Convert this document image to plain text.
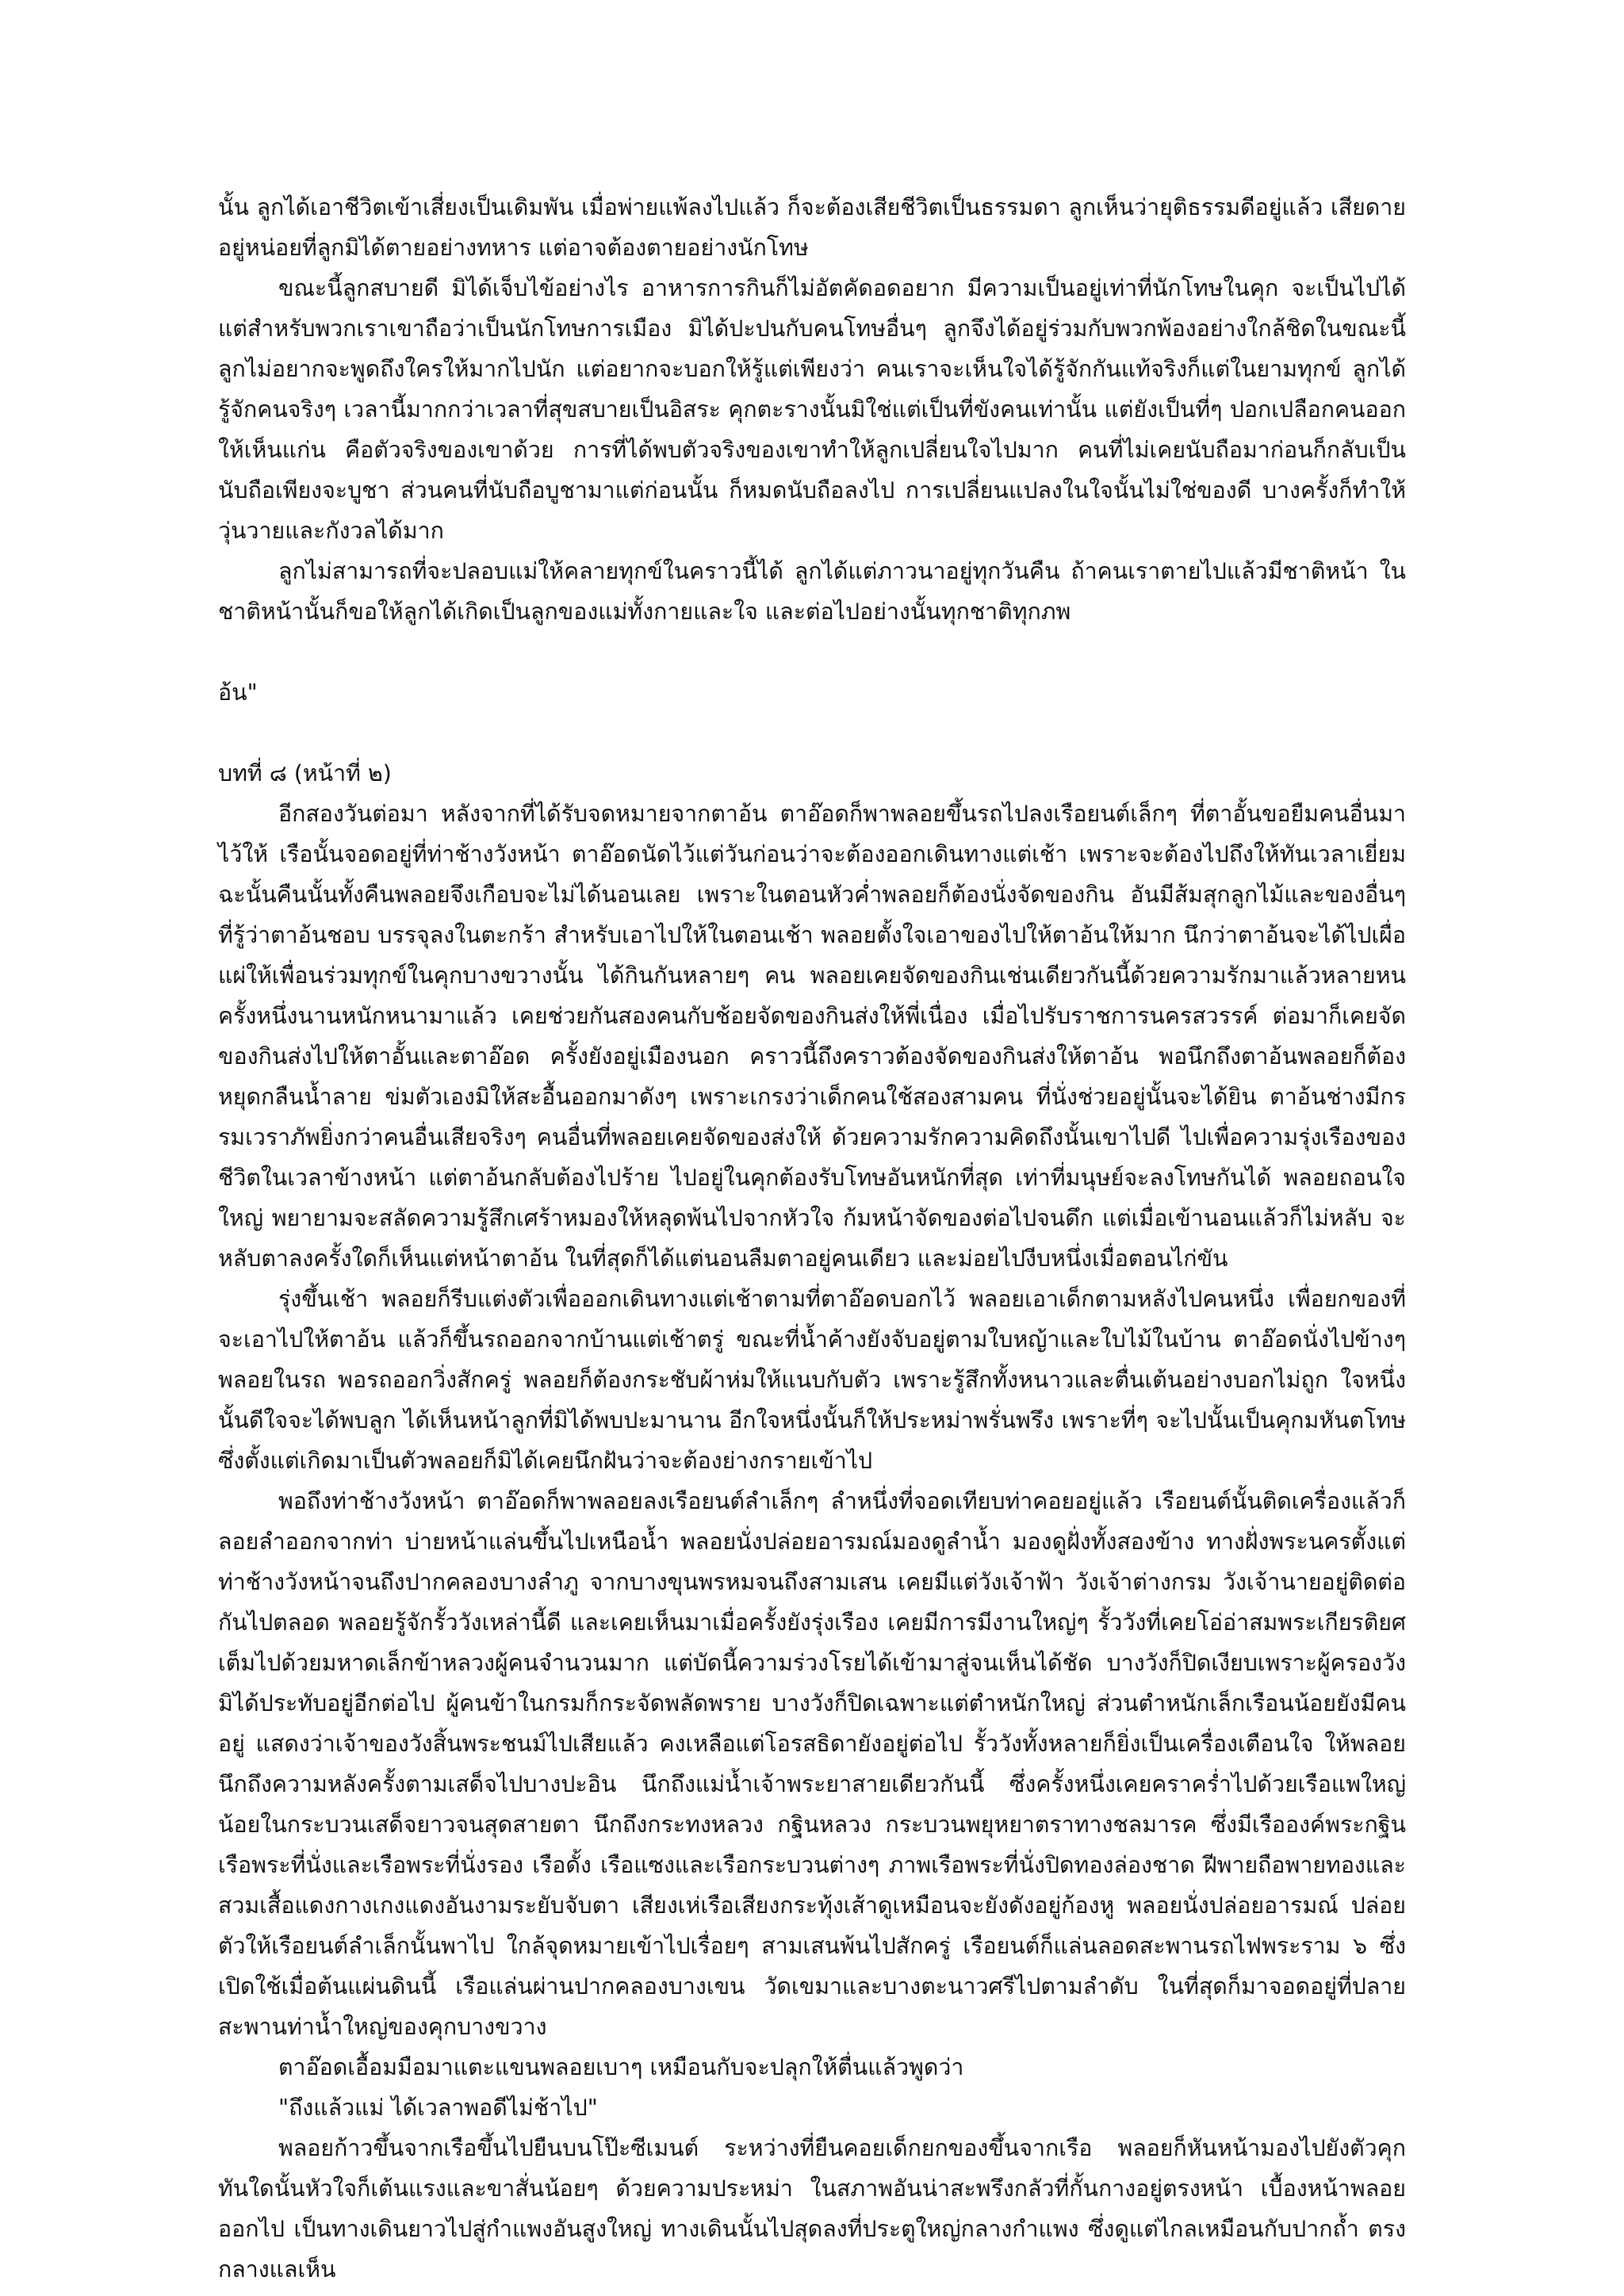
นั้น ลูกได้เอาชีวิตเข้าเสี่ยงเป็นเดิมพัน เมื่อพ่ายแพ้ลงไปแล้ว ก็จะต้องเสียชีวิตเป็นธรรมดา ลูกเห็นว่ายุติธรรมดีอยู่แล้ว เสียดายอยู่หน่อยที่ลูกมิได้ตายอย่างทหาร แต่อาจต้องตายอย่างนักโทษ

ขณะนี้ลูกสบายดี มิได้เจ็บไข้อย่างไร อาหารการกินก็ไม่อัตคัดอดอยาก มีความเป็นอยู่เท่าที่นักโทษในคุก จะเป็นไปได้ แต่สำหรับพวกเราเขาถือว่าเป็นนักโทษการเมือง มิได้ปะปนกับคนโทษอื่นๆ ลูกจึงได้อยู่ร่วมกับพวกพ้องอย่างใกล้ชิดในขณะนี้ ลูกไม่อยากจะพูดถึงใครให้มากไปนัก แต่อยากจะบอกให้รู้แต่เพียงว่า คนเราจะเห็นใจได้รู้จักกันแท้จริงก็แต่ในยามทุกข์ ลูกได้รู้จักคนจริงๆ เวลานี้มากกว่าเวลาที่สุขสบายเป็นอิสระ คุกตะรางนั้นมิใช่แต่เป็นที่ขังคนเท่านั้น แต่ยังเป็นที่ๆ ปอกเปลือกคนออกให้เห็นแก่น คือตัวจริงของเขาด้วย การที่ได้พบตัวจริงของเขาทำให้ลูกเปลี่ยนใจไปมาก คนที่ไม่เคยนับถือมาก่อนก็กลับเป็นนับถือเพียงจะบูชา ส่วนคนที่นับถือบูชามาแต่ก่อนนั้น ก็หมดนับถือลงไป การเปลี่ยนแปลงในใจนั้นไม่ใช่ของดี บางครั้งก็ทำให้วุ่นวายและกังวลได้มาก

ลูกไม่สามารถที่จะปลอบแม่ให้คลายทุกข์ในคราวนี้ได้ ลูกได้แต่ภาวนาอยู่ทุกวันคืน ถ้าคนเราตายไปแล้วมีชาติหน้า ในชาติหน้านั้นก็ขอให้ลูกได้เกิดเป็นลูกของแม่ทั้งกายและใจ และต่อไปอย่างนั้นทุกชาติทุกภพ

อ้น"

บทที่ ๘ (หน้าที่ ๒)

อีกสองวันต่อมา หลังจากที่ได้รับจดหมายจากตาอ้น ตาอ๊อดก็พาพลอยขึ้นรถไปลงเรือยนต์เล็กๆ ที่ตาอั้นขอยืมคนอื่นมาไว้ให้ เรือนั้นจอดอยู่ที่ท่าช้างวังหน้า ตาอ๊อดนัดไว้แต่วันก่อนว่าจะต้องออกเดินทางแต่เช้า เพราะจะต้องไปถึงให้ทันเวลาเยี่ยม ฉะนั้นคืนนั้นทั้งคืนพลอยจึงเกือบจะไม่ได้นอนเลย เพราะในตอนหัวค่ำพลอยก็ต้องนั่งจัดของกิน อันมีส้มสุกลูกไม้และของอื่นๆ ที่รู้ว่าตาอ้นชอบ บรรจุลงในตะกร้า สำหรับเอาไปให้ในตอนเช้า พลอยตั้งใจเอาของไปให้ตาอ้นให้มาก นึกว่าตาอ้นจะได้ไปเผื่อแผ่ให้เพื่อนร่วมทุกข์ในคุกบางขวางนั้น ได้กินกันหลายๆ คน พลอยเคยจัดของกินเช่นเดียวกันนี้ด้วยความรักมาแล้วหลายหน ครั้งหนึ่งนานหนักหนามาแล้ว เคยช่วยกันสองคนกับช้อยจัดของกินส่งให้พี่เนื่อง เมื่อไปรับราชการนครสวรรค์ ต่อมาก็เคยจัดของกินส่งไปให้ตาอั้นและตาอ๊อด ครั้งยังอยู่เมืองนอก คราวนี้ถึงคราวต้องจัดของกินส่งให้ตาอ้น พอนึกถึงตาอ้นพลอยก็ต้องหยุดกลืนน้ำลาย ข่มตัวเองมิให้สะอื้นออกมาดังๆ เพราะเกรงว่าเด็กคนใช้สองสามคน ที่นั่งช่วยอยู่นั้นจะได้ยิน ตาอ้นช่างมีกรรมเวราภัพยิ่งกว่าคนอื่นเสียจริงๆ คนอื่นที่พลอยเคยจัดของส่งให้ ด้วยความรักความคิดถึงนั้นเขาไปดี ไปเพื่อความรุ่งเรืองของชีวิตในเวลาข้างหน้า แต่ตาอ้นกลับต้องไปร้าย ไปอยู่ในคุกต้องรับโทษอันหนักที่สุด เท่าที่มนุษย์จะลงโทษกันได้ พลอยถอนใจใหญ่ พยายามจะสลัดความรู้สึกเศร้าหมองให้หลุดพ้นไปจากหัวใจ ก้มหน้าจัดของต่อไปจนดึก แต่เมื่อเข้านอนแล้วก็ไม่หลับ จะหลับตาลงครั้งใดก็เห็นแต่หน้าตาอ้น ในที่สุดก็ได้แต่นอนลืมตาอยู่คนเดียว และม่อยไปงีบหนึ่งเมื่อตอนไก่ขัน

รุ่งขึ้นเช้า พลอยก็รีบแต่งตัวเพื่อออกเดินทางแต่เช้าตามที่ตาอ๊อดบอกไว้ พลอยเอาเด็กตามหลังไปคนหนึ่ง เพื่อยกของที่จะเอาไปให้ตาอ้น แล้วก็ขึ้นรถออกจากบ้านแต่เช้าตรู่ ขณะที่น้ำค้างยังจับอยู่ตามใบหญ้าและใบไม้ในบ้าน ตาอ๊อดนั่งไปข้างๆ พลอยในรถ พอรถออกวิ่งสักครู่ พลอยก็ต้องกระชับผ้าห่มให้แนบกับตัว เพราะรู้สึกทั้งหนาวและตื่นเต้นอย่างบอกไม่ถูก ใจหนึ่งนั้นดีใจจะได้พบลูก ได้เห็นหน้าลูกที่มิได้พบปะมานาน อีกใจหนึ่งนั้นก็ให้ประหม่าพรั่นพรึง เพราะที่ๆ จะไปนั้นเป็นคุกมหันตโทษ ซึ่งตั้งแต่เกิดมาเป็นตัวพลอยก็มิได้เคยนึกฝันว่าจะต้องย่างกรายเข้าไป

พอถึงท่าช้างวังหน้า ตาอ๊อดก็พาพลอยลงเรือยนต์ลำเล็กๆ ลำหนึ่งที่จอดเทียบท่าคอยอยู่แล้ว เรือยนต์นั้นติดเครื่องแล้วก็ลอยลำออกจากท่า บ่ายหน้าแล่นขึ้นไปเหนือน้ำ พลอยนั่งปล่อยอารมณ์มองดูลำน้ำ มองดูฝั่งทั้งสองข้าง ทางฝั่งพระนครตั้งแต่ท่าช้างวังหน้าจนถึงปากคลองบางลำภู จากบางขุนพรหมจนถึงสามเสน เคยมีแต่วังเจ้าฟ้า วังเจ้าต่างกรม วังเจ้านายอยู่ติดต่อกันไปตลอด พลอยรู้จักรั้ววังเหล่านี้ดี และเคยเห็นมาเมื่อครั้งยังรุ่งเรือง เคยมีการมีงานใหญ่ๆ รั้ววังที่เคยโอ่อ่าสมพระเกียรติยศ เต็มไปด้วยมหาดเล็กข้าหลวงผู้คนจำนวนมาก แต่บัดนี้ความร่วงโรยได้เข้ามาสู่จนเห็นได้ชัด บางวังก็ปิดเงียบเพราะผู้ครองวังมิได้ประทับอยู่อีกต่อไป ผู้คนข้าในกรมก็กระจัดพลัดพราย บางวังก็ปิดเฉพาะแต่ตำหนักใหญ่ ส่วนตำหนักเล็กเรือนน้อยยังมีคนอยู่ แสดงว่าเจ้าของวังสิ้นพระชนม์ไปเสียแล้ว คงเหลือแต่โอรสธิดายังอยู่ต่อไป รั้ววังทั้งหลายก็ยิ่งเป็นเครื่องเตือนใจ ให้พลอยนึกถึงความหลังครั้งตามเสด็จไปบางปะอิน นึกถึงแม่น้ำเจ้าพระยาสายเดียวกันนี้ ซึ่งครั้งหนึ่งเคยคราคร่ำไปด้วยเรือแพใหญ่น้อยในกระบวนเสด็จยาวจนสุดสายตา นึกถึงกระทงหลวง กฐินหลวง กระบวนพยุหยาตราทางชลมารค ซึ่งมีเรือองค์พระกฐิน เรือพระที่นั่งและเรือพระที่นั่งรอง เรือดั้ง เรือแซงและเรือกระบวนต่างๆ ภาพเรือพระที่นั่งปิดทองล่องชาด ฝีพายถือพายทองและสวมเสื้อแดงกางเกงแดงอันงามระยับจับตา เสียงเห่เรือเสียงกระทุ้งเส้าดูเหมือนจะยังดังอยู่ก้องหู พลอยนั่งปล่อยอารมณ์ ปล่อยตัวให้เรือยนต์ลำเล็กนั้นพาไป ใกล้จุดหมายเข้าไปเรื่อยๆ สามเสนพ้นไปสักครู่ เรือยนต์ก็แล่นลอดสะพานรถไฟพระราม ๖ ซึ่งเปิดใช้เมื่อต้นแผ่นดินนี้ เรือแล่นผ่านปากคลองบางเขน วัดเขมาและบางตะนาวศรีไปตามลำดับ ในที่สุดก็มาจอดอยู่ที่ปลายสะพานท่าน้ำใหญ่ของคุกบางขวาง

ตาอ๊อดเอื้อมมือมาแตะแขนพลอยเบาๆ เหมือนกับจะปลุกให้ตื่นแล้วพูดว่า

"ถึงแล้วแม่ ได้เวลาพอดีไม่ช้าไป"

พลอยก้าวขึ้นจากเรือขึ้นไปยืนบนโป๊ะซีเมนต์ ระหว่างที่ยืนคอยเด็กยกของขึ้นจากเรือ พลอยก็หันหน้ามองไปยังตัวคุก ทันใดนั้นหัวใจก็เต้นแรงและขาสั่นน้อยๆ ด้วยความประหม่า ในสภาพอันน่าสะพรึงกลัวที่กั้นกางอยู่ตรงหน้า เบื้องหน้าพลอยออกไป เป็นทางเดินยาวไปสู่กำแพงอันสูงใหญ่ ทางเดินนั้นไปสุดลงที่ประตูใหญ่กลางกำแพง ซึ่งดูแต่ไกลเหมือนกับปากถ้ำ ตรงกลางแลเห็น
